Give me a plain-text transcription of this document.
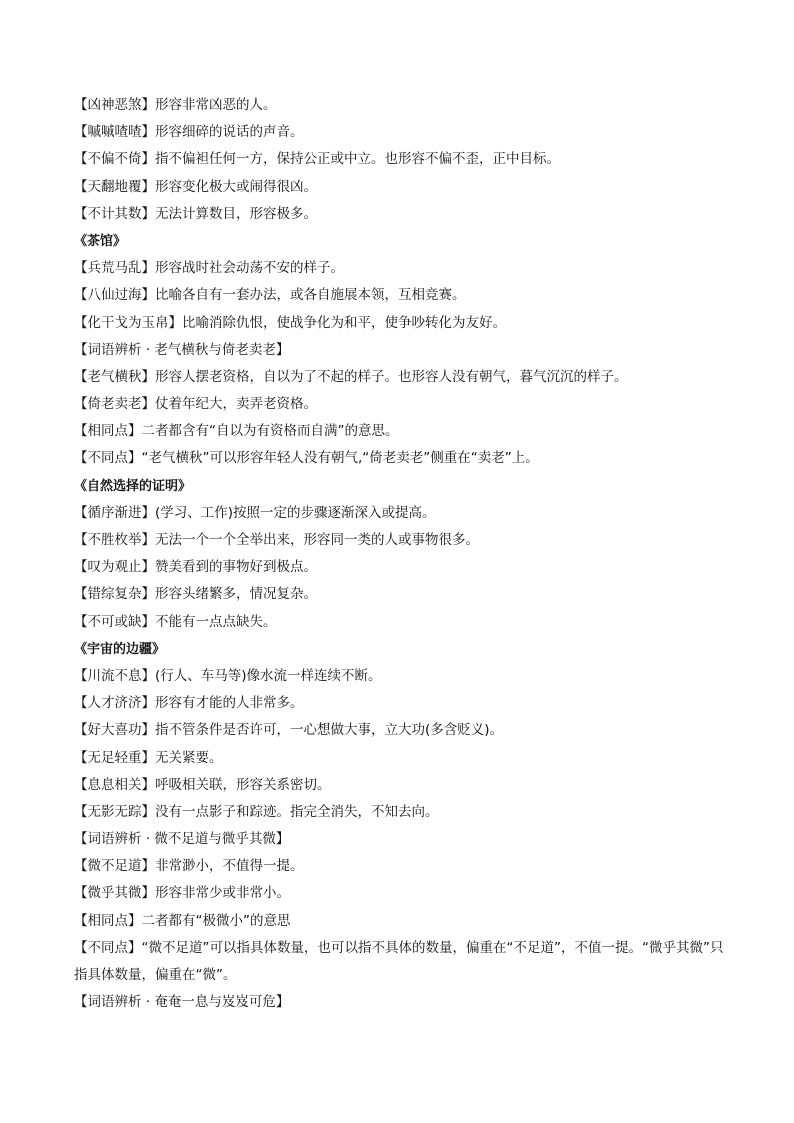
【凶神恶煞】形容非常凶恶的人。
【嘁嘁喳喳】形容细碎的说话的声音。
【不偏不倚】指不偏袒任何一方，保持公正或中立。也形容不偏不歪，正中目标。
【天翻地覆】形容变化极大或闹得很凶。
【不计其数】无法计算数目，形容极多。
《茶馆》
【兵荒马乱】形容战时社会动荡不安的样子。
【八仙过海】比喻各自有一套办法，或各自施展本领，互相竞赛。
【化干戈为玉帛】比喻消除仇恨，使战争化为和平，使争吵转化为友好。
【词语辨析 · 老气横秋与倚老卖老】
【老气横秋】形容人摆老资格，自以为了不起的样子。也形容人没有朝气，暮气沉沉的样子。
【倚老卖老】仗着年纪大，卖弄老资格。
【相同点】二者都含有“自以为有资格而自满”的意思。
【不同点】“老气横秋”可以形容年轻人没有朝气,“倚老卖老”侧重在“卖老”上。
《自然选择的证明》
【循序渐进】(学习、工作)按照一定的步骤逐渐深入或提高。
【不胜枚举】无法一个一个全举出来，形容同一类的人或事物很多。
【叹为观止】赞美看到的事物好到极点。
【错综复杂】形容头绪繁多，情况复杂。
【不可或缺】不能有一点点缺失。
《宇宙的边疆》
【川流不息】(行人、车马等)像水流一样连续不断。
【人才济济】形容有才能的人非常多。
【好大喜功】指不管条件是否许可，一心想做大事，立大功(多含贬义)。
【无足轻重】无关紧要。
【息息相关】呼吸相关联，形容关系密切。
【无影无踪】没有一点影子和踪迹。指完全消失，不知去向。
【词语辨析 · 微不足道与微乎其微】
【微不足道】非常渺小，不值得一提。
【微乎其微】形容非常少或非常小。
【相同点】二者都有“极微小”的意思
【不同点】“微不足道”可以指具体数量，也可以指不具体的数量，偏重在“不足道”，不值一提。“微乎其微”只指具体数量，偏重在“微”。
【词语辨析 · 奄奄一息与岌岌可危】
